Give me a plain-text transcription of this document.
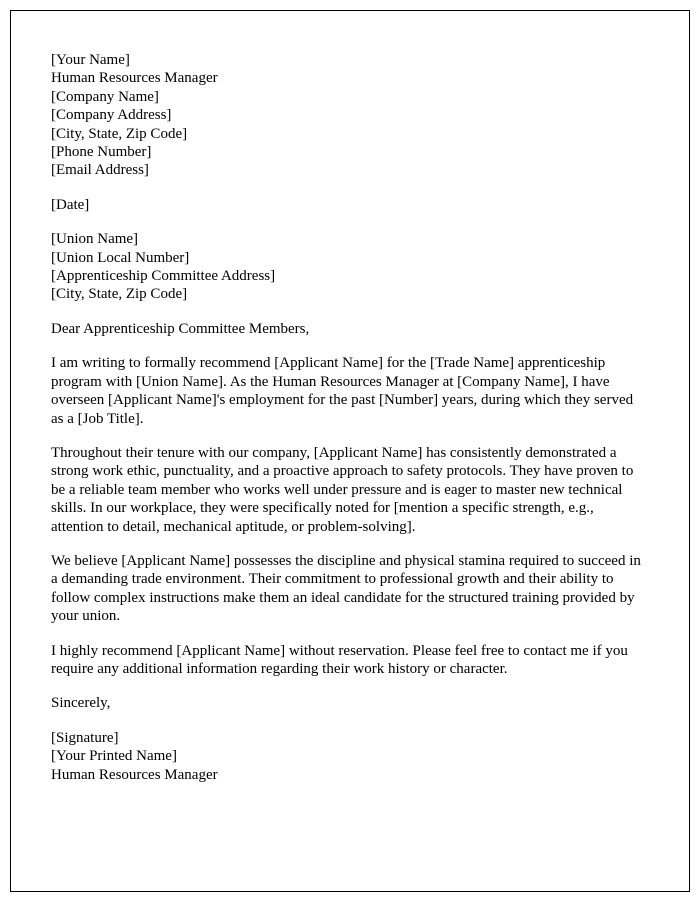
[Your Name]
Human Resources Manager
[Company Name]
[Company Address]
[City, State, Zip Code]
[Phone Number]
[Email Address]
[Date]
[Union Name]
[Union Local Number]
[Apprenticeship Committee Address]
[City, State, Zip Code]
Dear Apprenticeship Committee Members,

I am writing to formally recommend [Applicant Name] for the [Trade Name] apprenticeship program with [Union Name]. As the Human Resources Manager at [Company Name], I have overseen [Applicant Name]'s employment for the past [Number] years, during which they served as a [Job Title].

Throughout their tenure with our company, [Applicant Name] has consistently demonstrated a strong work ethic, punctuality, and a proactive approach to safety protocols. They have proven to be a reliable team member who works well under pressure and is eager to master new technical skills. In our workplace, they were specifically noted for [mention a specific strength, e.g., attention to detail, mechanical aptitude, or problem-solving].

We believe [Applicant Name] possesses the discipline and physical stamina required to succeed in a demanding trade environment. Their commitment to professional growth and their ability to follow complex instructions make them an ideal candidate for the structured training provided by your union.

I highly recommend [Applicant Name] without reservation. Please feel free to contact me if you require any additional information regarding their work history or character.

Sincerely,
[Signature]
[Your Printed Name]
Human Resources Manager
